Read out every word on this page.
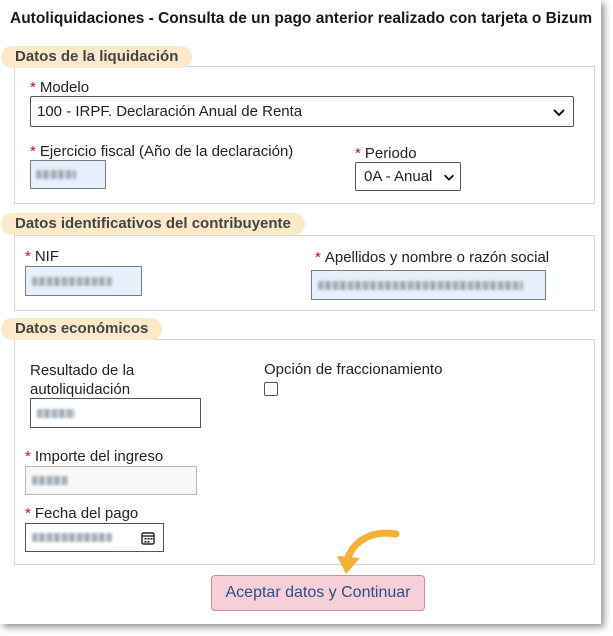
Autoliquidaciones - Consulta de un pago anterior realizado con tarjeta o Bizum
Datos de la liquidación
* Modelo
100 - IRPF. Declaración Anual de Renta
* Ejercicio fiscal (Año de la declaración)	* Periodo
0A - Anual
Datos identificativos del contribuyente
* NIF	* Apellidos y nombre o razón social
Datos económicos
Resultado de la
autoliquidación
Opción de fraccionamiento
* Importe del ingreso
* Fecha del pago
Aceptar datos y Continuar
